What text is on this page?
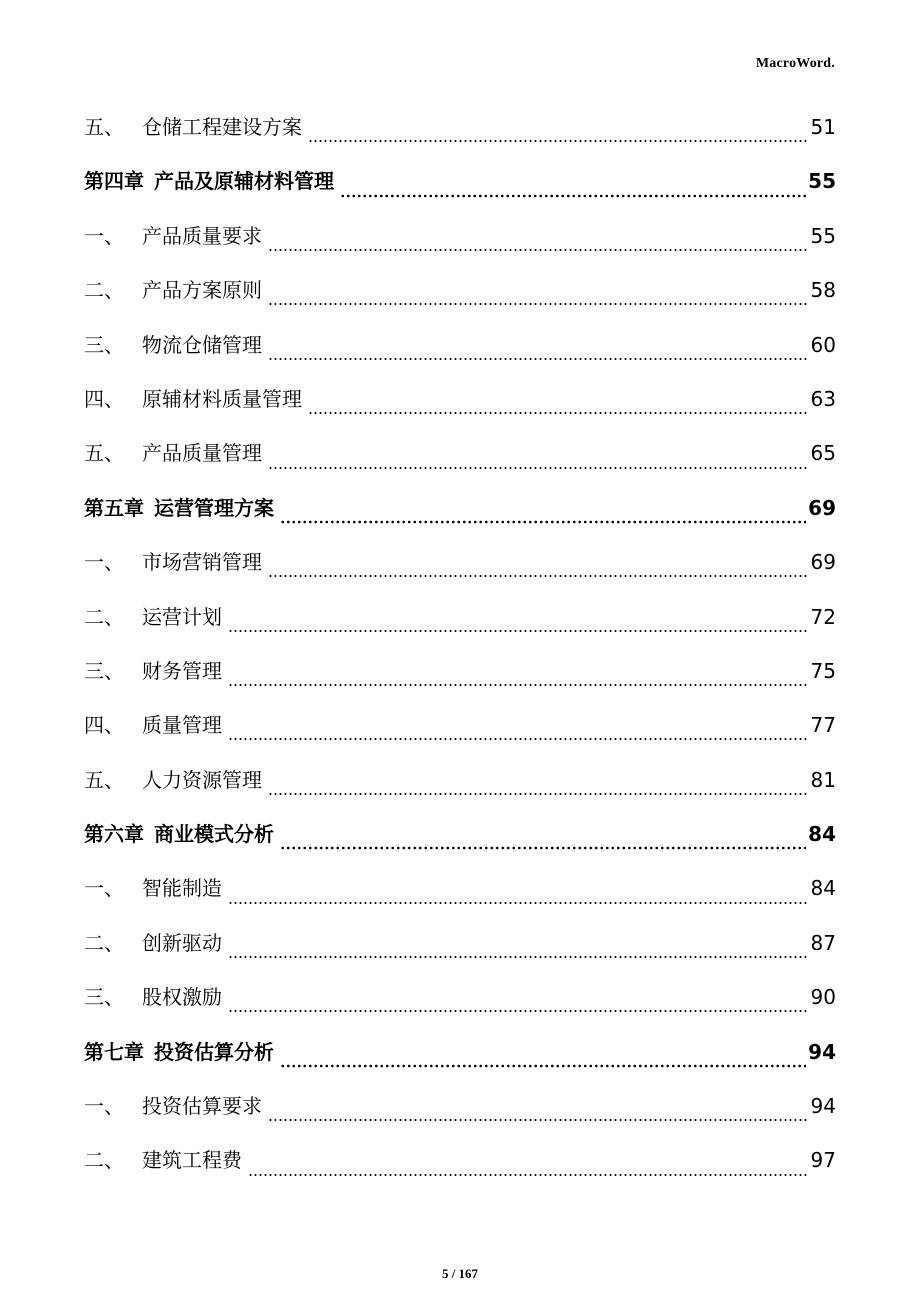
MacroWord.
五、 仓储工程建设方案	51
第四章 产品及原辅材料管理	55
一、 产品质量要求	55
二、 产品方案原则	58
三、 物流仓储管理	60
四、 原辅材料质量管理	63
五、 产品质量管理	65
第五章 运营管理方案	69
一、 市场营销管理	69
二、 运营计划	72
三、 财务管理	75
四、 质量管理	77
五、 人力资源管理	81
第六章 商业模式分析	84
一、 智能制造	84
二、 创新驱动	87
三、 股权激励	90
第七章 投资估算分析	94
一、 投资估算要求	94
二、 建筑工程费	97
5 / 167
